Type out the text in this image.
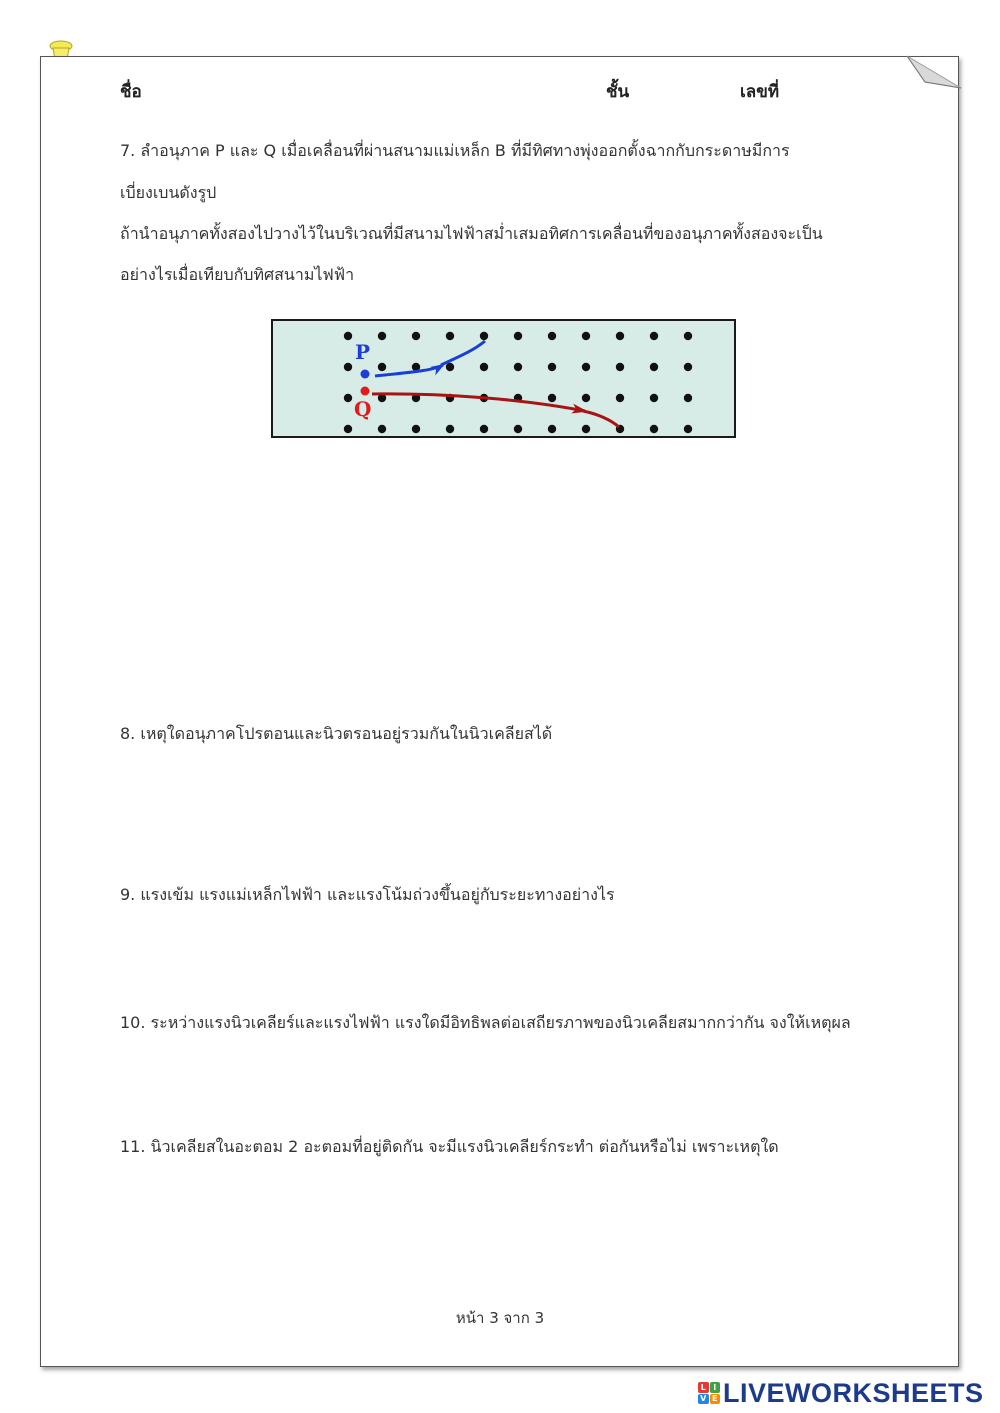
ชื่อ	ชั้น	เลขที่
7. ลำอนุภาค P และ Q เมื่อเคลื่อนที่ผ่านสนามแม่เหล็ก B ที่มีทิศทางพุ่งออกตั้งฉากกับกระดาษมีการ
เบี่ยงเบนดังรูป
ถ้านำอนุภาคทั้งสองไปวางไว้ในบริเวณที่มีสนามไฟฟ้าสม่ำเสมอทิศการเคลื่อนที่ของอนุภาคทั้งสองจะเป็น
อย่างไรเมื่อเทียบกับทิศสนามไฟฟ้า
P
Q
8. เหตุใดอนุภาคโปรตอนและนิวตรอนอยู่รวมกันในนิวเคลียสได้
9. แรงเข้ม แรงแม่เหล็กไฟฟ้า และแรงโน้มถ่วงขึ้นอยู่กับระยะทางอย่างไร
10. ระหว่างแรงนิวเคลียร์และแรงไฟฟ้า แรงใดมีอิทธิพลต่อเสถียรภาพของนิวเคลียสมากกว่ากัน จงให้เหตุผล
11. นิวเคลียสในอะตอม 2 อะตอมที่อยู่ติดกัน จะมีแรงนิวเคลียร์กระทำ ต่อกันหรือไม่ เพราะเหตุใด
หน้า 3 จาก 3
L I
V E LIVEWORKSHEETS
